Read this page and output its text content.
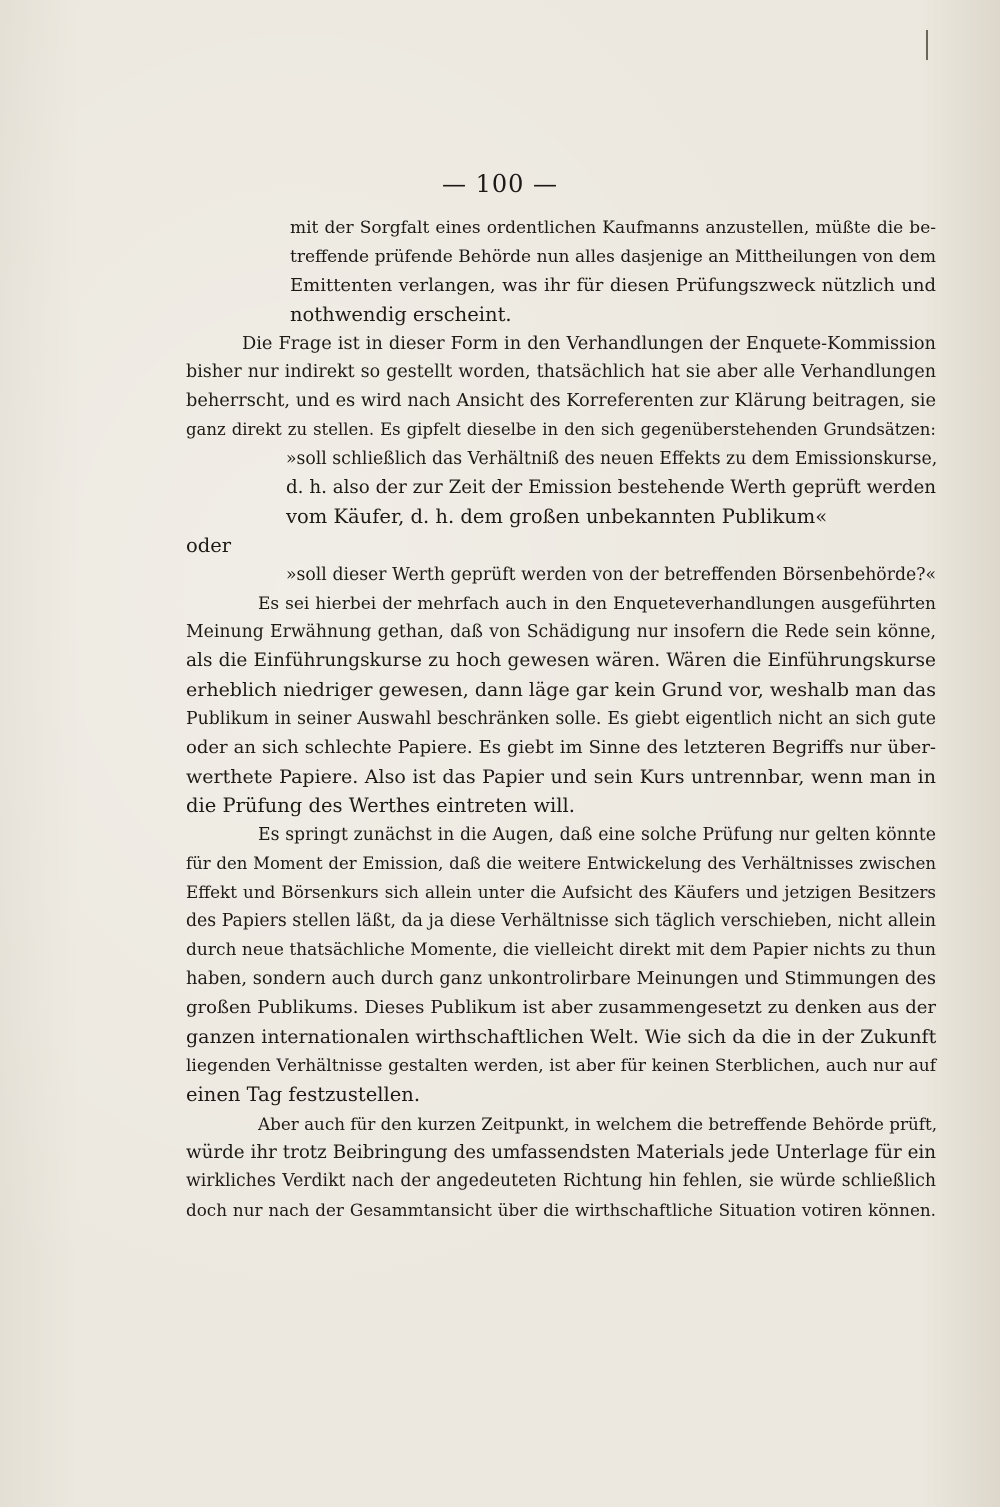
— 100 —
mit der Sorgfalt eines ordentlichen Kaufmanns anzustellen, müßte die be-
treffende prüfende Behörde nun alles dasjenige an Mittheilungen von dem
Emittenten verlangen, was ihr für diesen Prüfungszweck nützlich und
nothwendig erscheint.
Die Frage ist in dieser Form in den Verhandlungen der Enquete-Kommission
bisher nur indirekt so gestellt worden, thatsächlich hat sie aber alle Verhandlungen
beherrscht, und es wird nach Ansicht des Korreferenten zur Klärung beitragen, sie
ganz direkt zu stellen. Es gipfelt dieselbe in den sich gegenüberstehenden Grundsätzen:
»soll schließlich das Verhältniß des neuen Effekts zu dem Emissionskurse,
d. h. also der zur Zeit der Emission bestehende Werth geprüft werden
vom Käufer, d. h. dem großen unbekannten Publikum«
oder
»soll dieser Werth geprüft werden von der betreffenden Börsenbehörde?«
Es sei hierbei der mehrfach auch in den Enqueteverhandlungen ausgeführten
Meinung Erwähnung gethan, daß von Schädigung nur insofern die Rede sein könne,
als die Einführungskurse zu hoch gewesen wären. Wären die Einführungskurse
erheblich niedriger gewesen, dann läge gar kein Grund vor, weshalb man das
Publikum in seiner Auswahl beschränken solle. Es giebt eigentlich nicht an sich gute
oder an sich schlechte Papiere. Es giebt im Sinne des letzteren Begriffs nur über-
werthete Papiere. Also ist das Papier und sein Kurs untrennbar, wenn man in
die Prüfung des Werthes eintreten will.
Es springt zunächst in die Augen, daß eine solche Prüfung nur gelten könnte
für den Moment der Emission, daß die weitere Entwickelung des Verhältnisses zwischen
Effekt und Börsenkurs sich allein unter die Aufsicht des Käufers und jetzigen Besitzers
des Papiers stellen läßt, da ja diese Verhältnisse sich täglich verschieben, nicht allein
durch neue thatsächliche Momente, die vielleicht direkt mit dem Papier nichts zu thun
haben, sondern auch durch ganz unkontrolirbare Meinungen und Stimmungen des
großen Publikums. Dieses Publikum ist aber zusammengesetzt zu denken aus der
ganzen internationalen wirthschaftlichen Welt. Wie sich da die in der Zukunft
liegenden Verhältnisse gestalten werden, ist aber für keinen Sterblichen, auch nur auf
einen Tag festzustellen.
Aber auch für den kurzen Zeitpunkt, in welchem die betreffende Behörde prüft,
würde ihr trotz Beibringung des umfassendsten Materials jede Unterlage für ein
wirkliches Verdikt nach der angedeuteten Richtung hin fehlen, sie würde schließlich
doch nur nach der Gesammtansicht über die wirthschaftliche Situation votiren können.
